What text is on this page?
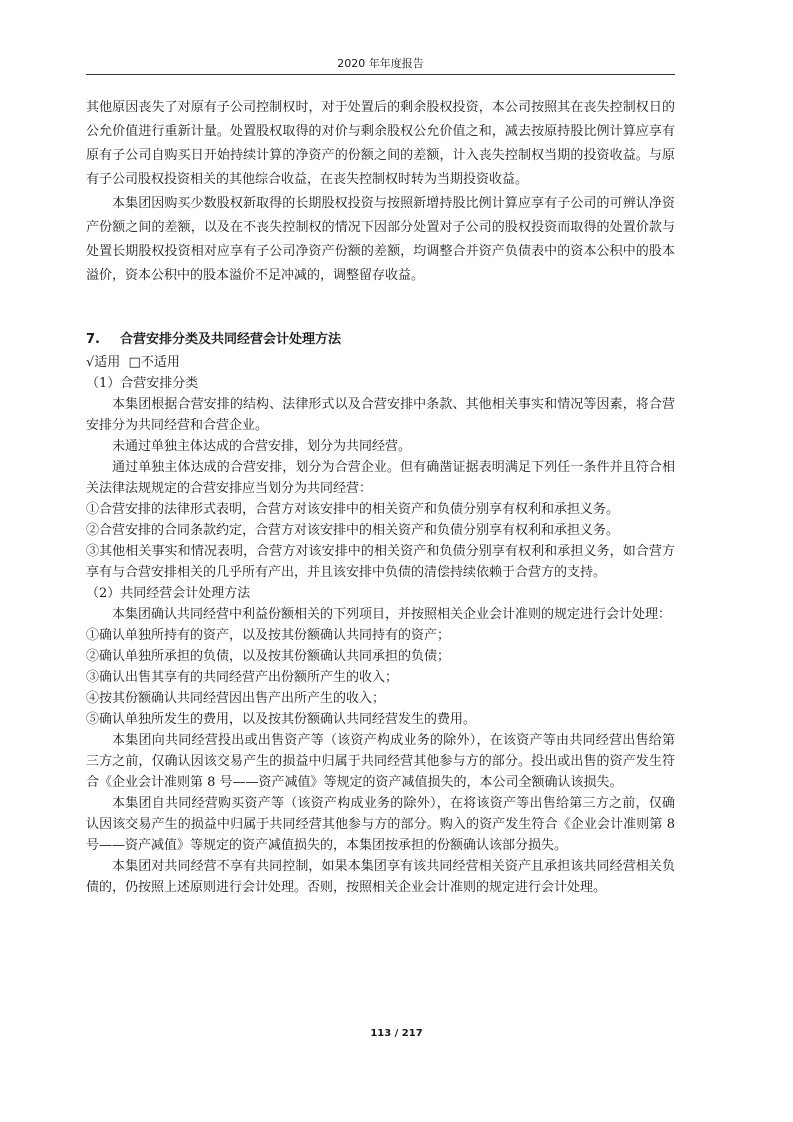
2020 年年度报告

其他原因丧失了对原有子公司控制权时，对于处置后的剩余股权投资，本公司按照其在丧失控制权日的公允价值进行重新计量。处置股权取得的对价与剩余股权公允价值之和，减去按原持股比例计算应享有原有子公司自购买日开始持续计算的净资产的份额之间的差额，计入丧失控制权当期的投资收益。与原有子公司股权投资相关的其他综合收益，在丧失控制权时转为当期投资收益。

本集团因购买少数股权新取得的长期股权投资与按照新增持股比例计算应享有子公司的可辨认净资产份额之间的差额，以及在不丧失控制权的情况下因部分处置对子公司的股权投资而取得的处置价款与处置长期股权投资相对应享有子公司净资产份额的差额，均调整合并资产负债表中的资本公积中的股本溢价，资本公积中的股本溢价不足冲减的，调整留存收益。

7. 合营安排分类及共同经营会计处理方法

√适用  □不适用

（1）合营安排分类

本集团根据合营安排的结构、法律形式以及合营安排中条款、其他相关事实和情况等因素，将合营安排分为共同经营和合营企业。

未通过单独主体达成的合营安排，划分为共同经营。

通过单独主体达成的合营安排，划分为合营企业。但有确凿证据表明满足下列任一条件并且符合相关法律法规规定的合营安排应当划分为共同经营：

①合营安排的法律形式表明，合营方对该安排中的相关资产和负债分别享有权利和承担义务。

②合营安排的合同条款约定，合营方对该安排中的相关资产和负债分别享有权利和承担义务。

③其他相关事实和情况表明，合营方对该安排中的相关资产和负债分别享有权利和承担义务，如合营方享有与合营安排相关的几乎所有产出，并且该安排中负债的清偿持续依赖于合营方的支持。

（2）共同经营会计处理方法

本集团确认共同经营中利益份额相关的下列项目，并按照相关企业会计准则的规定进行会计处理：

①确认单独所持有的资产，以及按其份额确认共同持有的资产；

②确认单独所承担的负债，以及按其份额确认共同承担的负债；

③确认出售其享有的共同经营产出份额所产生的收入；

④按其份额确认共同经营因出售产出所产生的收入；

⑤确认单独所发生的费用，以及按其份额确认共同经营发生的费用。

本集团向共同经营投出或出售资产等（该资产构成业务的除外），在该资产等由共同经营出售给第三方之前，仅确认因该交易产生的损益中归属于共同经营其他参与方的部分。投出或出售的资产发生符合《企业会计准则第 8 号——资产减值》等规定的资产减值损失的，本公司全额确认该损失。

本集团自共同经营购买资产等（该资产构成业务的除外），在将该资产等出售给第三方之前，仅确认因该交易产生的损益中归属于共同经营其他参与方的部分。购入的资产发生符合《企业会计准则第 8 号——资产减值》等规定的资产减值损失的，本集团按承担的份额确认该部分损失。

本集团对共同经营不享有共同控制，如果本集团享有该共同经营相关资产且承担该共同经营相关负债的，仍按照上述原则进行会计处理。否则，按照相关企业会计准则的规定进行会计处理。

113 / 217
